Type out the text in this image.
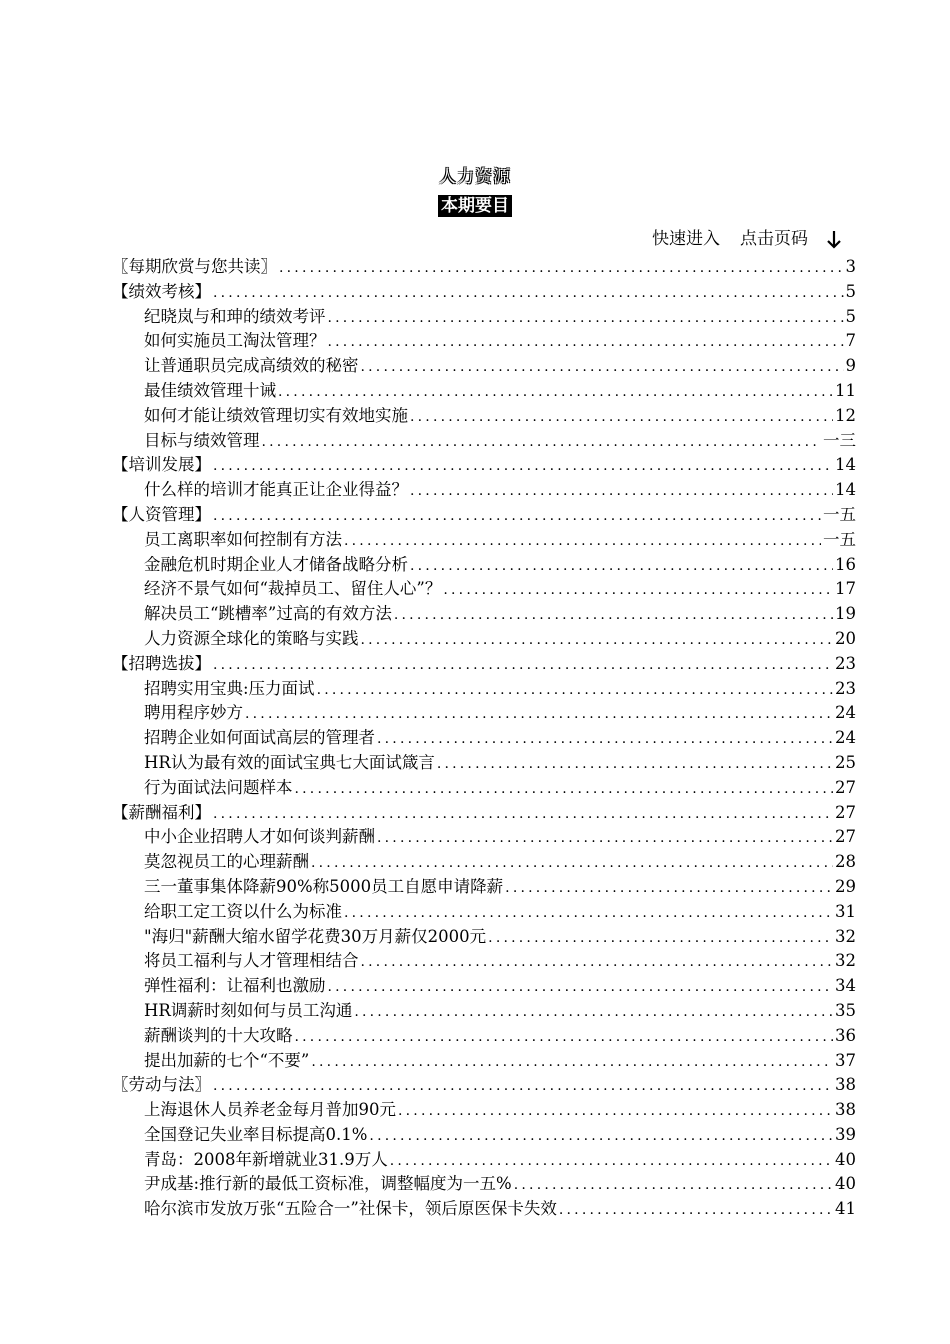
人力资源
本期要目
快速进入 点击页码
〖每期欣赏与您共读〗 .....	3
【绩效考核】 .....	5
纪晓岚与和珅的绩效考评 .....	5
如何实施员工淘汰管理？ .....	7
让普通职员完成高绩效的秘密 .....	9
最佳绩效管理十诫 .....	11
如何才能让绩效管理切实有效地实施 .....	12
目标与绩效管理 .....	一三
【培训发展】 .....	14
什么样的培训才能真正让企业得益？ .....	14
【人资管理】 .....	一五
员工离职率如何控制有方法 .....	一五
金融危机时期企业人才储备战略分析 .....	16
经济不景气如何“裁掉员工、留住人心”？ .....	17
解决员工“跳槽率”过高的有效方法 .....	19
人力资源全球化的策略与实践 .....	20
【招聘选拔】 .....	23
招聘实用宝典:压力面试 .....	23
聘用程序妙方 .....	24
招聘企业如何面试高层的管理者 .....	24
HR认为最有效的面试宝典七大面试箴言 .....	25
行为面试法问题样本 .....	27
【薪酬福利】 .....	27
中小企业招聘人才如何谈判薪酬 .....	27
莫忽视员工的心理薪酬 .....	28
三一董事集体降薪90%称5000员工自愿申请降薪 .....	29
给职工定工资以什么为标准 .....	31
"海归"薪酬大缩水留学花费30万月薪仅2000元 .....	32
将员工福利与人才管理相结合 .....	32
弹性福利：让福利也激励 .....	34
HR调薪时刻如何与员工沟通 .....	35
薪酬谈判的十大攻略 .....	36
提出加薪的七个“不要” .....	37
〖劳动与法〗 .....	38
上海退休人员养老金每月普加90元 .....	38
全国登记失业率目标提高0.1% .....	39
青岛：2008年新增就业31.9万人 .....	40
尹成基:推行新的最低工资标准，调整幅度为一五% .....	40
哈尔滨市发放万张“五险合一”社保卡，领后原医保卡失效 .....	41
